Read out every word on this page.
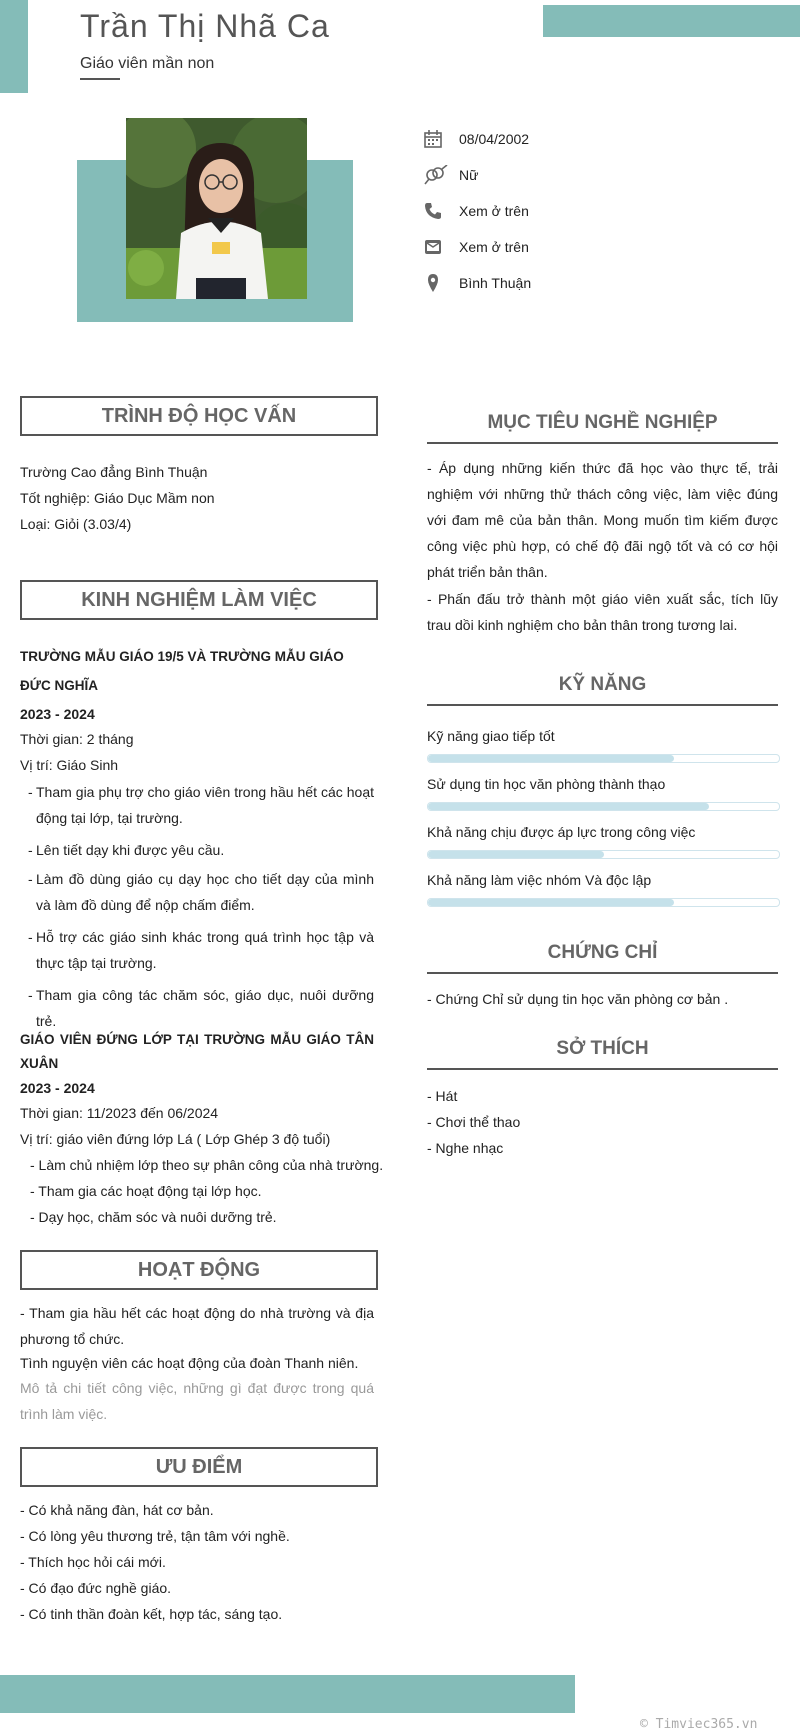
Trần Thị Nhã Ca
Giáo viên mần non
08/04/2002
Nữ
Xem ở trên
Xem ở trên
Bình Thuận
TRÌNH ĐỘ HỌC VẤN
Trường Cao đẳng Bình Thuận
Tốt nghiệp: Giáo Dục Mầm non
Loại: Giỏi (3.03/4)
KINH NGHIỆM LÀM VIỆC
TRƯỜNG MẪU GIÁO 19/5 VÀ TRƯỜNG MẪU GIÁO ĐỨC NGHĨA
2023 - 2024
Thời gian: 2 tháng
Vị trí: Giáo Sinh
- Tham gia phụ trợ cho giáo viên trong hầu hết các hoạt động tại lớp, tại trường.
- Lên tiết dạy khi được yêu cầu.
- Làm đồ dùng giáo cụ dạy học cho tiết dạy của mình và làm đồ dùng để nộp chấm điểm.
- Hỗ trợ các giáo sinh khác trong quá trình học tập và thực tập tại trường.
- Tham gia công tác chăm sóc, giáo dục, nuôi dưỡng trẻ.
GIÁO VIÊN ĐỨNG LỚP TẠI TRƯỜNG MẪU GIÁO TÂN XUÂN
2023 - 2024
Thời gian: 11/2023 đến 06/2024
Vị trí: giáo viên đứng lớp Lá ( Lớp Ghép 3 độ tuổi)
- Làm chủ nhiệm lớp theo sự phân công của nhà trường.
- Tham gia các hoạt động tại lớp học.
- Dạy học, chăm sóc và nuôi dưỡng trẻ.
HOẠT ĐỘNG
- Tham gia hầu hết các hoạt động do nhà trường và địa phương tổ chức.
Tình nguyện viên các hoạt động của đoàn Thanh niên.
Mô tả chi tiết công việc, những gì đạt được trong quá trình làm việc.
ƯU ĐIỂM
- Có khả năng đàn, hát cơ bản.
- Có lòng yêu thương trẻ, tận tâm với nghề.
- Thích học hỏi cái mới.
- Có đạo đức nghề giáo.
- Có tinh thần đoàn kết, hợp tác, sáng tạo.
MỤC TIÊU NGHỀ NGHIỆP
- Áp dụng những kiến thức đã học vào thực tế, trải nghiệm với những thử thách công việc, làm việc đúng với đam mê của bản thân. Mong muốn tìm kiếm được công việc phù hợp, có chế độ đãi ngộ tốt và có cơ hội phát triển bản thân.
- Phấn đấu trở thành một giáo viên xuất sắc, tích lũy trau dồi kinh nghiệm cho bản thân trong tương lai.
KỸ NĂNG
Kỹ năng giao tiếp tốt
Sử dụng tin học văn phòng thành thạo
Khả năng chịu được áp lực trong công việc
Khả năng làm việc nhóm Và độc lập
CHỨNG CHỈ
- Chứng Chỉ sử dụng tin học văn phòng cơ bản .
SỞ THÍCH
- Hát
- Chơi thể thao
- Nghe nhạc
© Timviec365.vn
